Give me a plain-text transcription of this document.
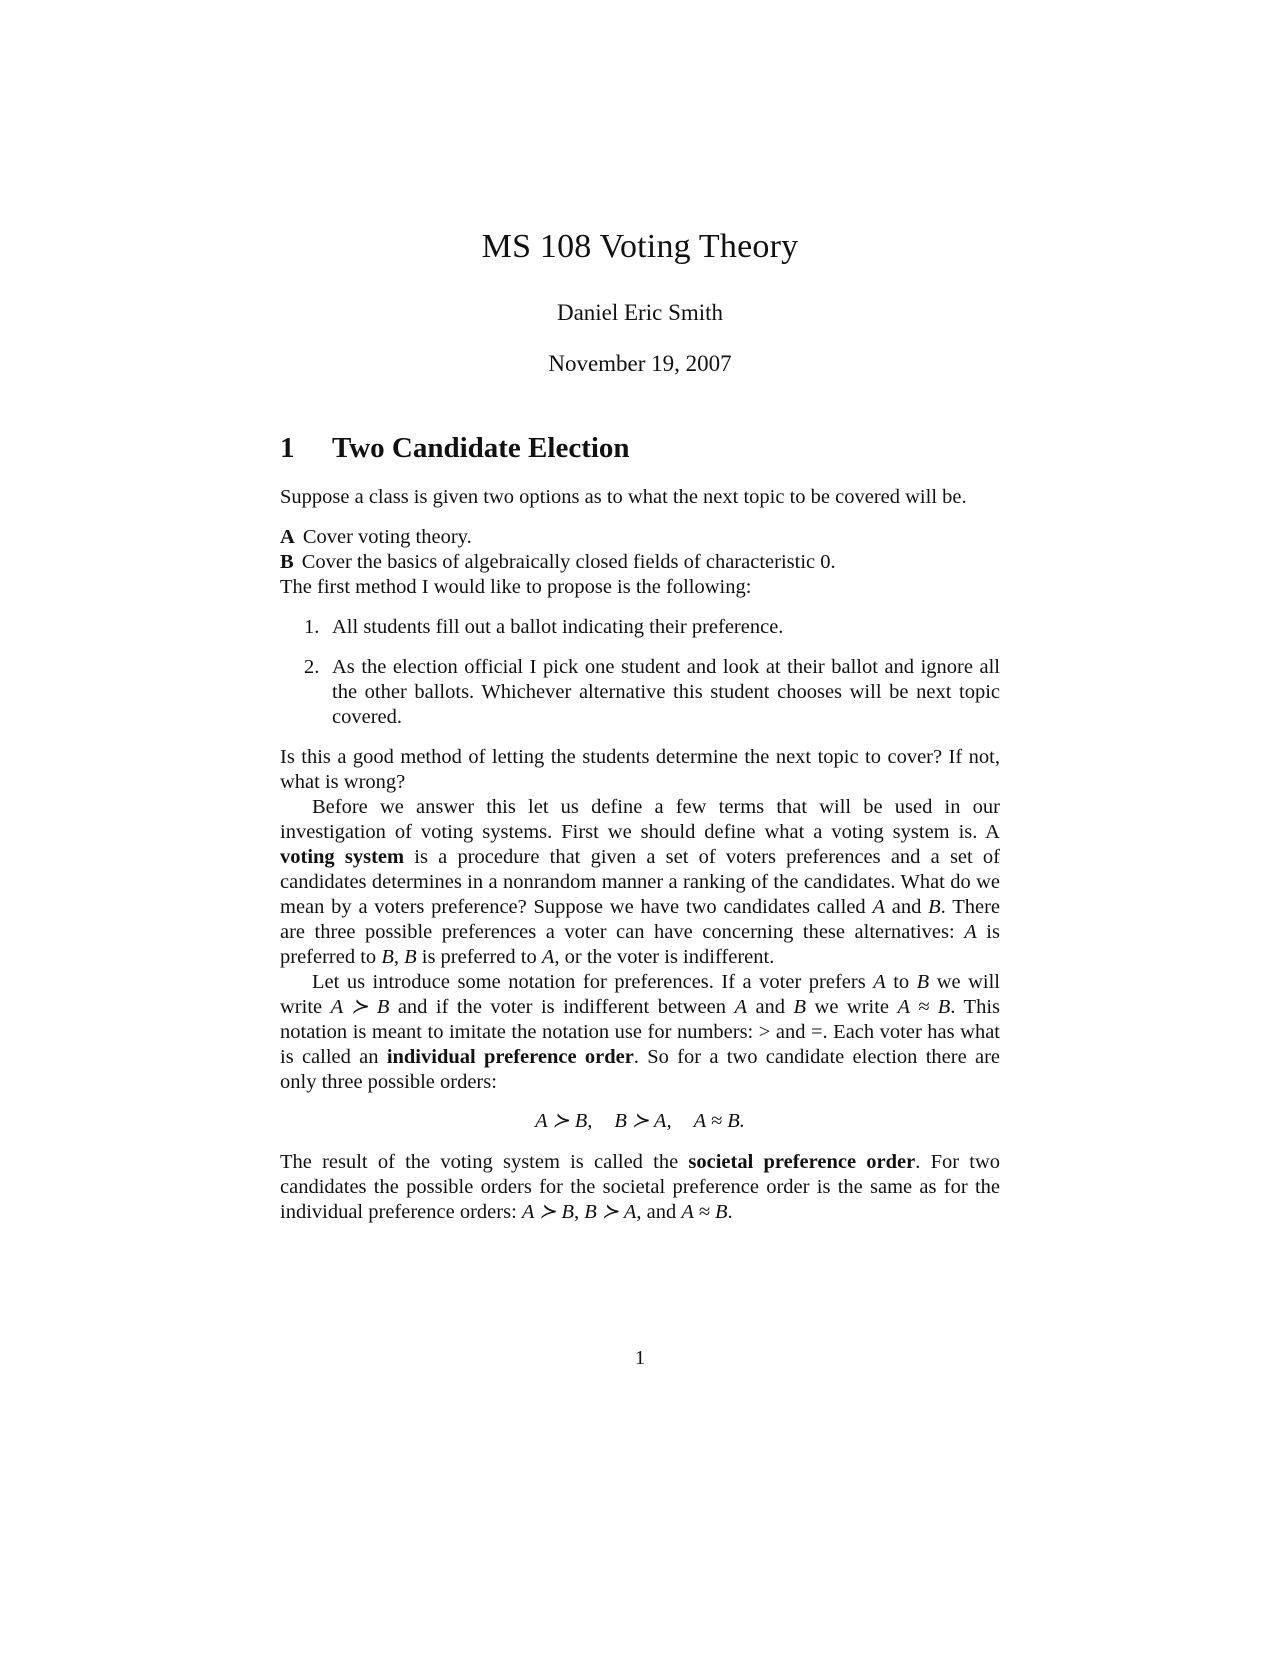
MS 108 Voting Theory
Daniel Eric Smith
November 19, 2007
1 Two Candidate Election

Suppose a class is given two options as to what the next topic to be covered will be.

A Cover voting theory.

B Cover the basics of algebraically closed fields of characteristic 0.

The first method I would like to propose is the following:

1. All students fill out a ballot indicating their preference.
2. As the election official I pick one student and look at their ballot and ignore all the other ballots. Whichever alternative this student chooses will be next topic covered.

Is this a good method of letting the students determine the next topic to cover? If not, what is wrong?

Before we answer this let us define a few terms that will be used in our investigation of voting systems. First we should define what a voting system is. A voting system is a procedure that given a set of voters preferences and a set of candidates determines in a nonrandom manner a ranking of the candidates. What do we mean by a voters preference? Suppose we have two candidates called A and B. There are three possible preferences a voter can have concerning these alternatives: A is preferred to B, B is preferred to A, or the voter is indifferent.

Let us introduce some notation for preferences. If a voter prefers A to B we will write A ≻ B and if the voter is indifferent between A and B we write A ≈ B. This notation is meant to imitate the notation use for numbers: > and =. Each voter has what is called an individual preference order. So for a two candidate election there are only three possible orders:

A ≻ B, B ≻ A, A ≈ B.

The result of the voting system is called the societal preference order. For two candidates the possible orders for the societal preference order is the same as for the individual preference orders: A ≻ B, B ≻ A, and A ≈ B.

1
